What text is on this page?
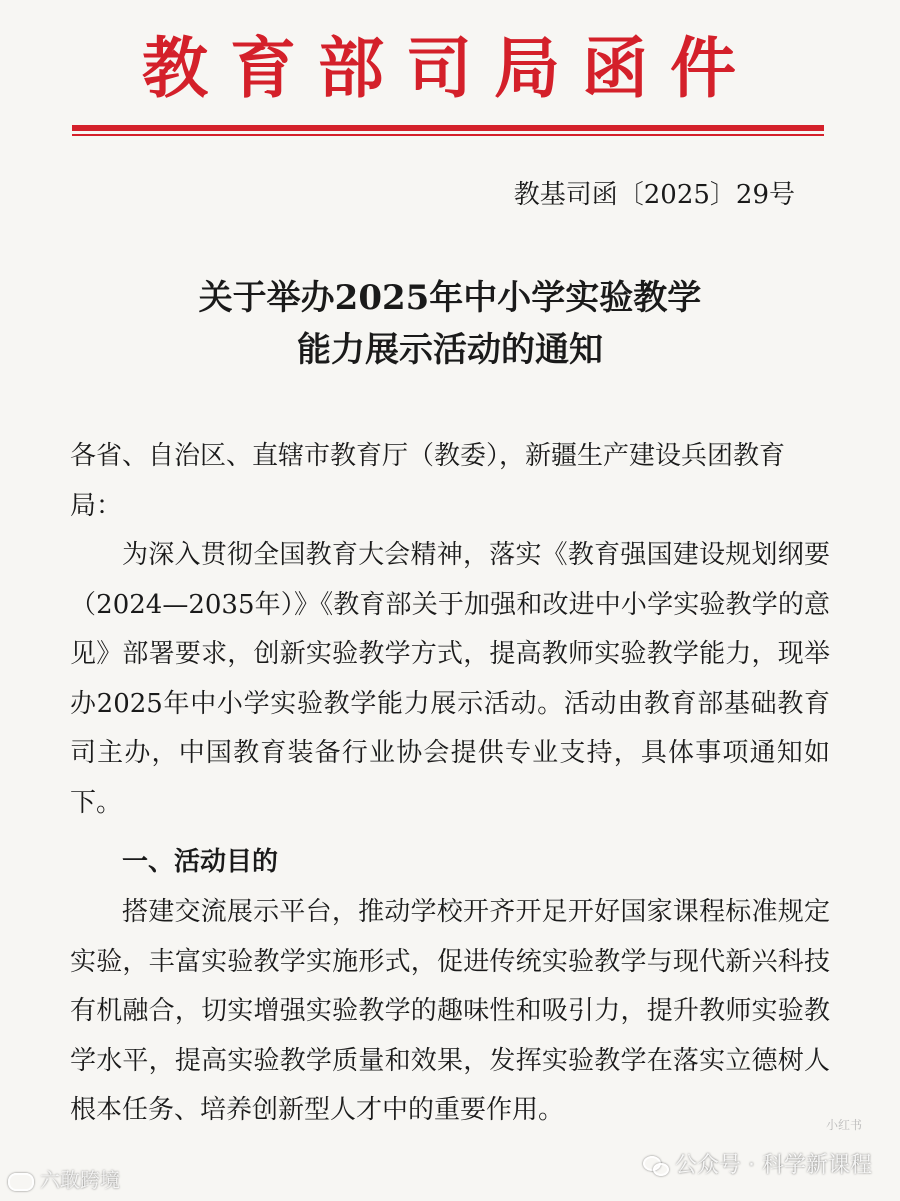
教育部司局函件
教基司函〔2025〕29号
关于举办2025年中小学实验教学
能力展示活动的通知
各省、自治区、直辖市教育厅（教委），新疆生产建设兵团教育局：

为深入贯彻全国教育大会精神，落实《教育强国建设规划纲要（2024—2035年）》《教育部关于加强和改进中小学实验教学的意见》部署要求，创新实验教学方式，提高教师实验教学能力，现举办2025年中小学实验教学能力展示活动。活动由教育部基础教育司主办，中国教育装备行业协会提供专业支持，具体事项通知如下。

一、活动目的

搭建交流展示平台，推动学校开齐开足开好国家课程标准规定实验，丰富实验教学实施形式，促进传统实验教学与现代新兴科技有机融合，切实增强实验教学的趣味性和吸引力，提升教师实验教学水平，提高实验教学质量和效果，发挥实验教学在落实立德树人根本任务、培养创新型人才中的重要作用。	小红书
六敢跨境
公众号 · 科学新课程
